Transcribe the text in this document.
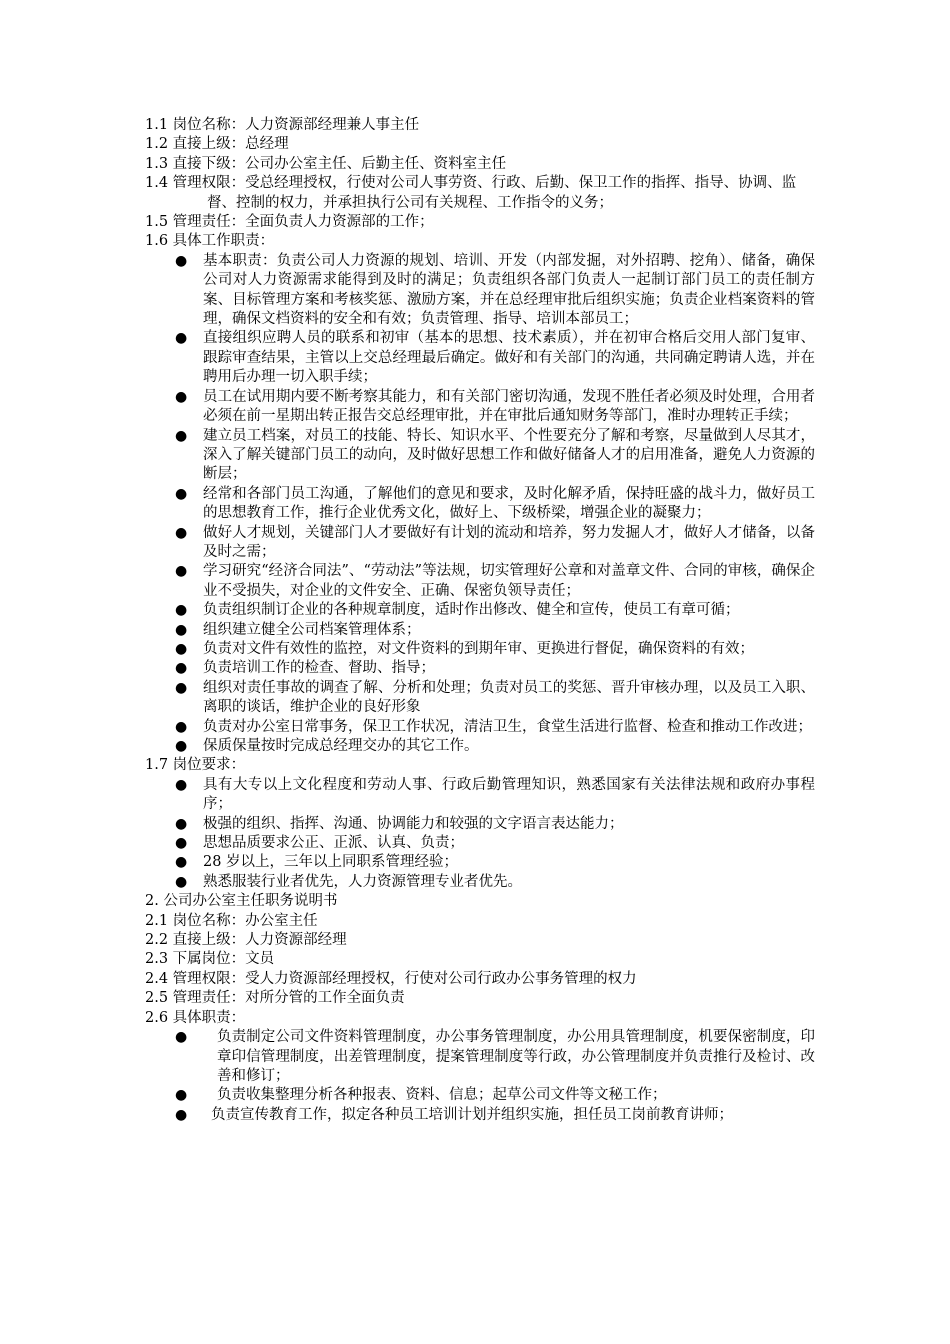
1.1 岗位名称：人力资源部经理兼人事主任
1.2 直接上级：总经理
1.3 直接下级：公司办公室主任、后勤主任、资料室主任
1.4 管理权限：受总经理授权，行使对公司人事劳资、行政、后勤、保卫工作的指挥、指导、协调、监督、控制的权力，并承担执行公司有关规程、工作指令的义务；
1.5 管理责任：全面负责人力资源部的工作；
1.6 具体工作职责：
● 基本职责：负责公司人力资源的规划、培训、开发（内部发掘，对外招聘、挖角）、储备，确保公司对人力资源需求能得到及时的满足；负责组织各部门负责人一起制订部门员工的责任制方案、目标管理方案和考核奖惩、激励方案，并在总经理审批后组织实施；负责企业档案资料的管理，确保文档资料的安全和有效；负责管理、指导、培训本部员工；
● 直接组织应聘人员的联系和初审（基本的思想、技术素质），并在初审合格后交用人部门复审、跟踪审查结果，主管以上交总经理最后确定。做好和有关部门的沟通，共同确定聘请人选，并在聘用后办理一切入职手续；
● 员工在试用期内要不断考察其能力，和有关部门密切沟通，发现不胜任者必须及时处理，合用者必须在前一星期出转正报告交总经理审批，并在审批后通知财务等部门，准时办理转正手续；
● 建立员工档案，对员工的技能、特长、知识水平、个性要充分了解和考察，尽量做到人尽其才，深入了解关键部门员工的动向，及时做好思想工作和做好储备人才的启用准备，避免人力资源的断层；
● 经常和各部门员工沟通，了解他们的意见和要求，及时化解矛盾，保持旺盛的战斗力，做好员工的思想教育工作，推行企业优秀文化，做好上、下级桥梁，增强企业的凝聚力；
● 做好人才规划，关键部门人才要做好有计划的流动和培养，努力发掘人才，做好人才储备，以备及时之需；
● 学习研究“经济合同法”、“劳动法”等法规，切实管理好公章和对盖章文件、合同的审核，确保企业不受损失，对企业的文件安全、正确、保密负领导责任；
● 负责组织制订企业的各种规章制度，适时作出修改、健全和宣传，使员工有章可循；
● 组织建立健全公司档案管理体系；
● 负责对文件有效性的监控，对文件资料的到期年审、更换进行督促，确保资料的有效；
● 负责培训工作的检查、督助、指导；
● 组织对责任事故的调查了解、分析和处理；负责对员工的奖惩、晋升审核办理，以及员工入职、离职的谈话，维护企业的良好形象
● 负责对办公室日常事务，保卫工作状况，清洁卫生，食堂生活进行监督、检查和推动工作改进；
● 保质保量按时完成总经理交办的其它工作。
1.7 岗位要求：
● 具有大专以上文化程度和劳动人事、行政后勤管理知识，熟悉国家有关法律法规和政府办事程序；
● 极强的组织、指挥、沟通、协调能力和较强的文字语言表达能力；
● 思想品质要求公正、正派、认真、负责；
● 28 岁以上，三年以上同职系管理经验；
● 熟悉服装行业者优先，人力资源管理专业者优先。
2. 公司办公室主任职务说明书
2.1 岗位名称：办公室主任
2.2 直接上级：人力资源部经理
2.3 下属岗位：文员
2.4 管理权限：受人力资源部经理授权，行使对公司行政办公事务管理的权力
2.5 管理责任：对所分管的工作全面负责
2.6 具体职责：
● 负责制定公司文件资料管理制度，办公事务管理制度，办公用具管理制度，机要保密制度，印章印信管理制度，出差管理制度，提案管理制度等行政，办公管理制度并负责推行及检讨、改善和修订；
● 负责收集整理分析各种报表、资料、信息；起草公司文件等文秘工作；
● 负责宣传教育工作，拟定各种员工培训计划并组织实施，担任员工岗前教育讲师；
